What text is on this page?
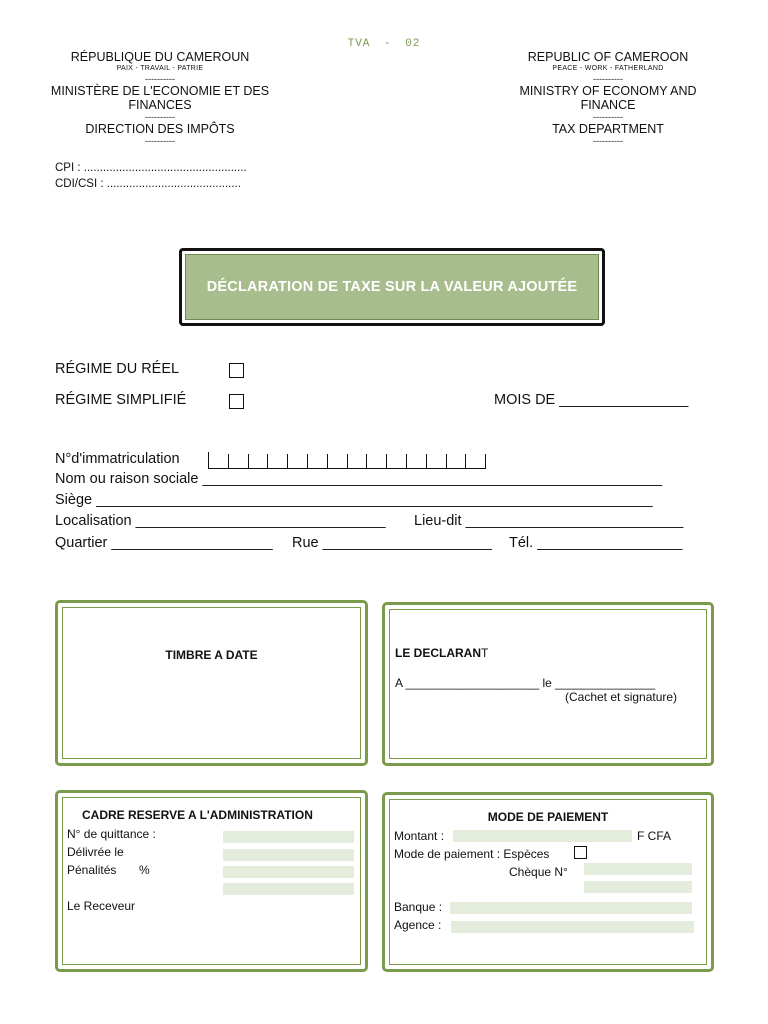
TVA - 02
RÉPUBLIQUE DU CAMEROUN
PAIX - TRAVAIL - PATRIE
----------
MINISTÈRE DE L'ECONOMIE ET DES FINANCES
----------
DIRECTION DES IMPÔTS
----------
REPUBLIC OF CAMEROON
PEACE - WORK - FATHERLAND
----------
MINISTRY OF ECONOMY AND FINANCE
----------
TAX DEPARTMENT
----------
CPI : ...................................................
CDI/CSI : ..........................................
DÉCLARATION DE TAXE SUR LA VALEUR AJOUTÉE
RÉGIME DU RÉEL
RÉGIME SIMPLIFIÉ	MOIS DE ________________
N°d'immatriculation
Nom ou raison sociale _________________________________________________________
Siège _____________________________________________________________________
Localisation _______________________________ Lieu-dit ___________________________
Quartier ____________________ Rue _____________________ Tél. __________________
TIMBRE A DATE	LE DECLARANT
A ____________________ le _______________
(Cachet et signature)
CADRE RESERVE A L'ADMINISTRATION
N° de quittance :
Délivrée le
Pénalités %
Le Receveur
MODE DE PAIEMENT
Montant :	F CFA
Mode de paiement : Espèces
Chèque N°
Banque :
Agence :
